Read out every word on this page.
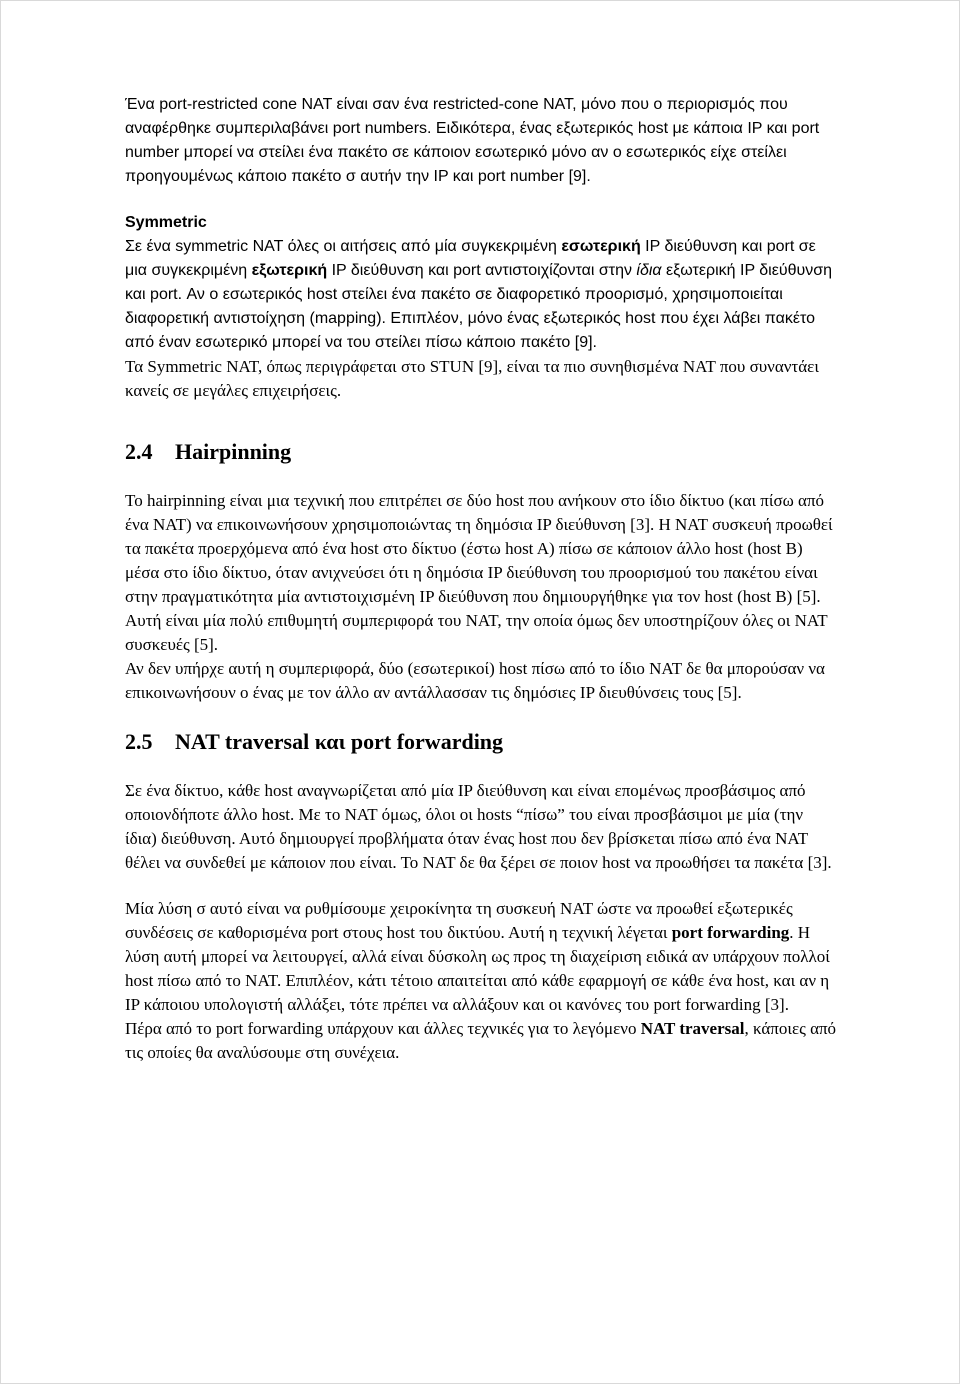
Ένα port-restricted cone NAT είναι σαν ένα restricted-cone NAT, μόνο που ο περιορισμός που αναφέρθηκε συμπεριλαβάνει port numbers. Ειδικότερα, ένας εξωτερικός host με κάποια IP και port number μπορεί να στείλει ένα πακέτο σε κάποιον εσωτερικό μόνο αν ο εσωτερικός είχε στείλει προηγουμένως κάποιο πακέτο σ αυτήν την IP και port number [9].

Symmetric

Σε ένα symmetric NAT όλες οι αιτήσεις από μία συγκεκριμένη εσωτερική IP διεύθυνση και port σε μια συγκεκριμένη εξωτερική IP διεύθυνση και port αντιστοιχίζονται στην ίδια εξωτερική IP διεύθυνση και port. Αν ο εσωτερικός host στείλει ένα πακέτο σε διαφορετικό προορισμό, χρησιμοποιείται διαφορετική αντιστοίχηση (mapping). Επιπλέον, μόνο ένας εξωτερικός host που έχει λάβει πακέτο από έναν εσωτερικό μπορεί να του στείλει πίσω κάποιο πακέτο [9].

Τα Symmetric NAT, όπως περιγράφεται στο STUN [9], είναι τα πιο συνηθισμένα NAT που συναντάει κανείς σε μεγάλες επιχειρήσεις.

2.4 Hairpinning

Το hairpinning είναι μια τεχνική που επιτρέπει σε δύο host που ανήκουν στο ίδιο δίκτυο (και πίσω από ένα NAT) να επικοινωνήσουν χρησιμοποιώντας τη δημόσια IP διεύθυνση [3]. Η NAT συσκευή προωθεί τα πακέτα προερχόμενα από ένα host στο δίκτυο (έστω host A) πίσω σε κάποιον άλλο host (host B) μέσα στο ίδιο δίκτυο, όταν ανιχνεύσει ότι η δημόσια IP διεύθυνση του προορισμού του πακέτου είναι στην πραγματικότητα μία αντιστοιχισμένη IP διεύθυνση που δημιουργήθηκε για τον host (host B) [5].

Αυτή είναι μία πολύ επιθυμητή συμπεριφορά του NAT, την οποία όμως δεν υποστηρίζουν όλες οι NAT συσκευές [5].

Αν δεν υπήρχε αυτή η συμπεριφορά, δύο (εσωτερικοί) host πίσω από το ίδιο NAT δε θα μπορούσαν να επικοινωνήσουν ο ένας με τον άλλο αν αντάλλασσαν τις δημόσιες IP διευθύνσεις τους [5].

2.5 NAT traversal και port forwarding

Σε ένα δίκτυο, κάθε host αναγνωρίζεται από μία IP διεύθυνση και είναι επομένως προσβάσιμος από οποιονδήποτε άλλο host. Με το NAT όμως, όλοι οι hosts “πίσω” του είναι προσβάσιμοι με μία (την ίδια) διεύθυνση. Αυτό δημιουργεί προβλήματα όταν ένας host που δεν βρίσκεται πίσω από ένα NAT θέλει να συνδεθεί με κάποιον που είναι. Το NAT δε θα ξέρει σε ποιον host να προωθήσει τα πακέτα [3].

Μία λύση σ αυτό είναι να ρυθμίσουμε χειροκίνητα τη συσκευή NAT ώστε να προωθεί εξωτερικές συνδέσεις σε καθορισμένα port στους host του δικτύου. Αυτή η τεχνική λέγεται port forwarding. Η λύση αυτή μπορεί να λειτουργεί, αλλά είναι δύσκολη ως προς τη διαχείριση ειδικά αν υπάρχουν πολλοί host πίσω από το NAT. Επιπλέον, κάτι τέτοιο απαιτείται από κάθε εφαρμογή σε κάθε ένα host, και αν η IP κάποιου υπολογιστή αλλάξει, τότε πρέπει να αλλάξουν και οι κανόνες του port forwarding [3].

Πέρα από το port forwarding υπάρχουν και άλλες τεχνικές για το λεγόμενο NAT traversal, κάποιες από τις οποίες θα αναλύσουμε στη συνέχεια.
